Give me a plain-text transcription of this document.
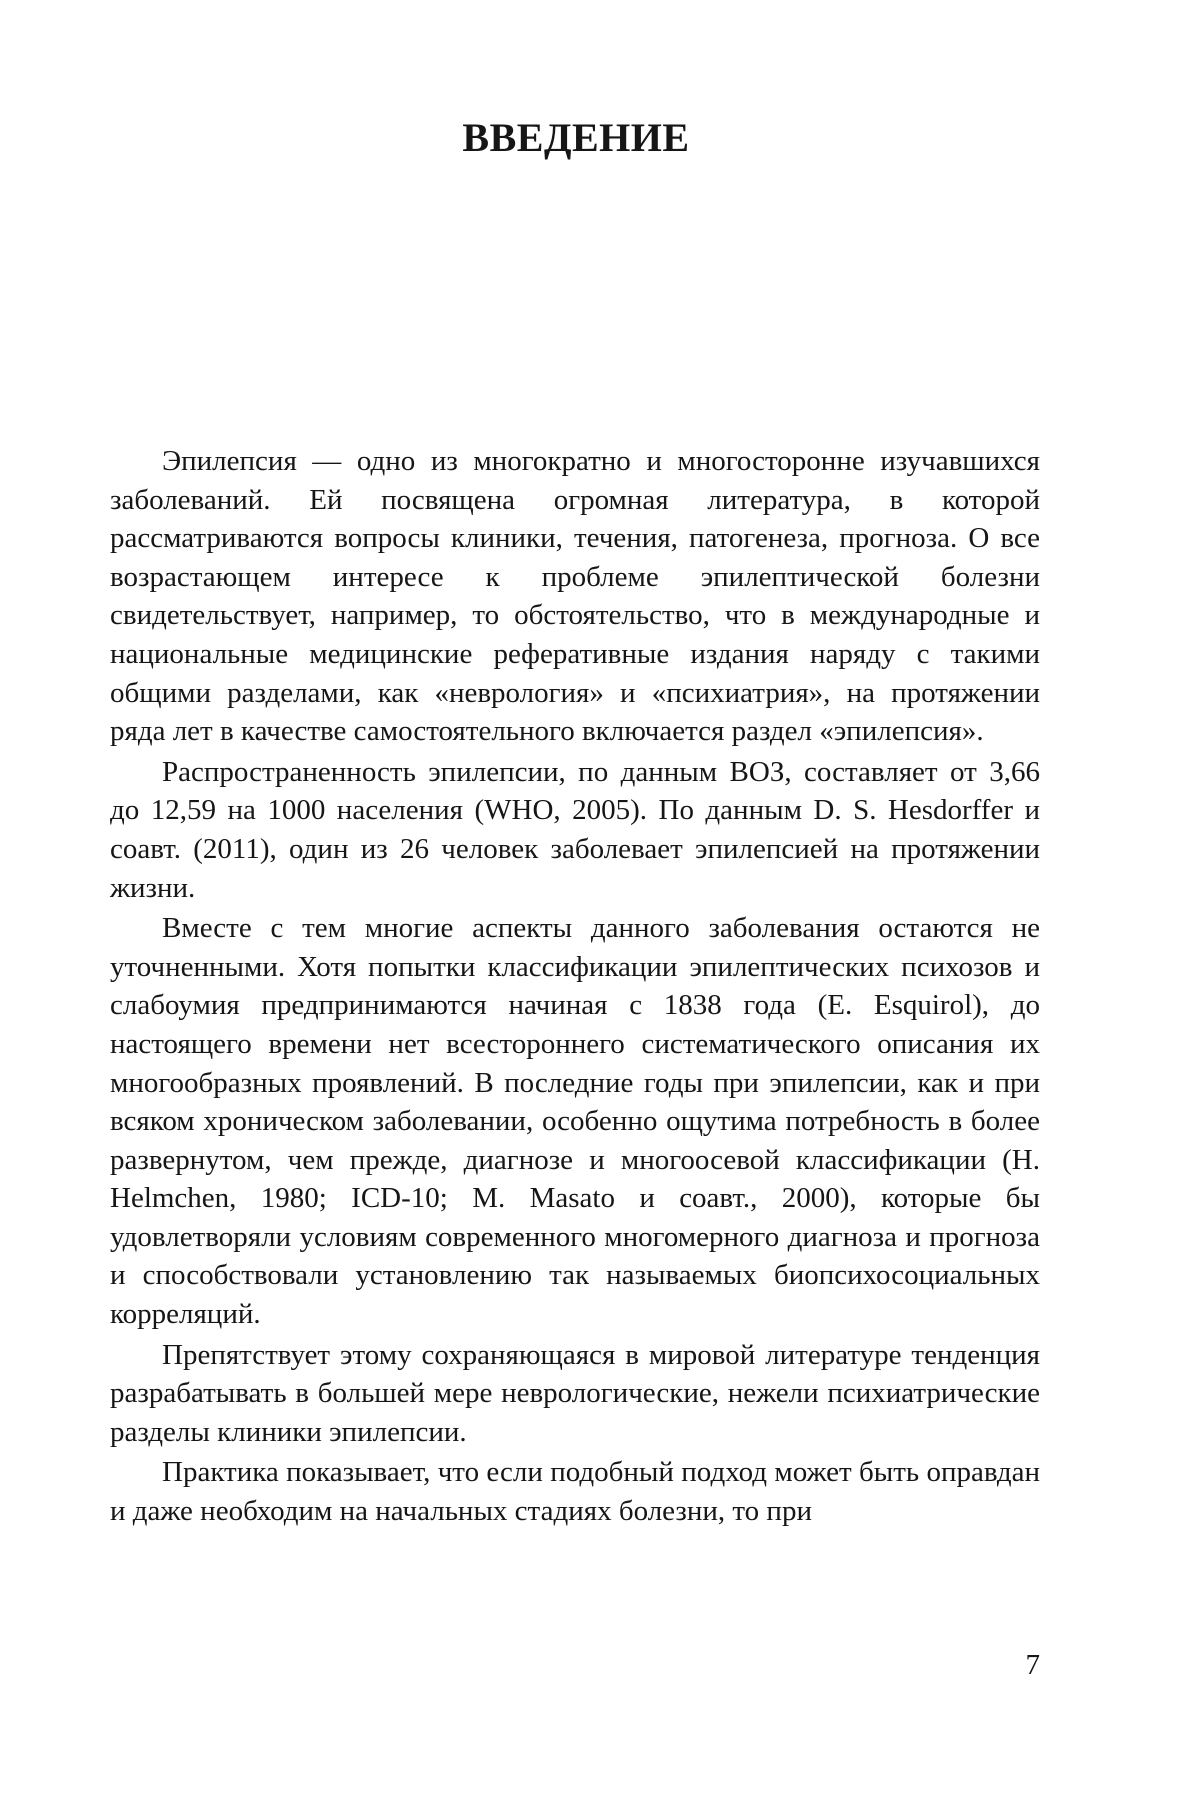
ВВЕДЕНИЕ

Эпилепсия — одно из многократно и многосторонне изучавшихся заболеваний. Ей посвящена огромная литература, в которой рассматриваются вопросы клиники, течения, патогенеза, прогноза. О все возрастающем интересе к проблеме эпилептической болезни свидетельствует, например, то обстоятельство, что в международные и национальные медицинские реферативные издания наряду с такими общими разделами, как «неврология» и «психиатрия», на протяжении ряда лет в качестве самостоятельного включается раздел «эпилепсия».

Распространенность эпилепсии, по данным ВОЗ, составляет от 3,66 до 12,59 на 1000 населения (WHO, 2005). По данным D. S. Hesdorffer и соавт. (2011), один из 26 человек заболевает эпилепсией на протяжении жизни.

Вместе с тем многие аспекты данного заболевания остаются не уточненными. Хотя попытки классификации эпилептических психозов и слабоумия предпринимаются начиная с 1838 года (E. Esquirol), до настоящего времени нет всестороннего систематического описания их многообразных проявлений. В последние годы при эпилепсии, как и при всяком хроническом заболевании, особенно ощутима потребность в более развернутом, чем прежде, диагнозе и многоосевой классификации (H. Helmchen, 1980; ICD-10; M. Masato и соавт., 2000), которые бы удовлетворяли условиям современного многомерного диагноза и прогноза и способствовали установлению так называемых биопсихосоциальных корреляций.

Препятствует этому сохраняющаяся в мировой литературе тенденция разрабатывать в большей мере неврологические, нежели психиатрические разделы клиники эпилепсии.

Практика показывает, что если подобный подход может быть оправдан и даже необходим на начальных стадиях болезни, то при

7
